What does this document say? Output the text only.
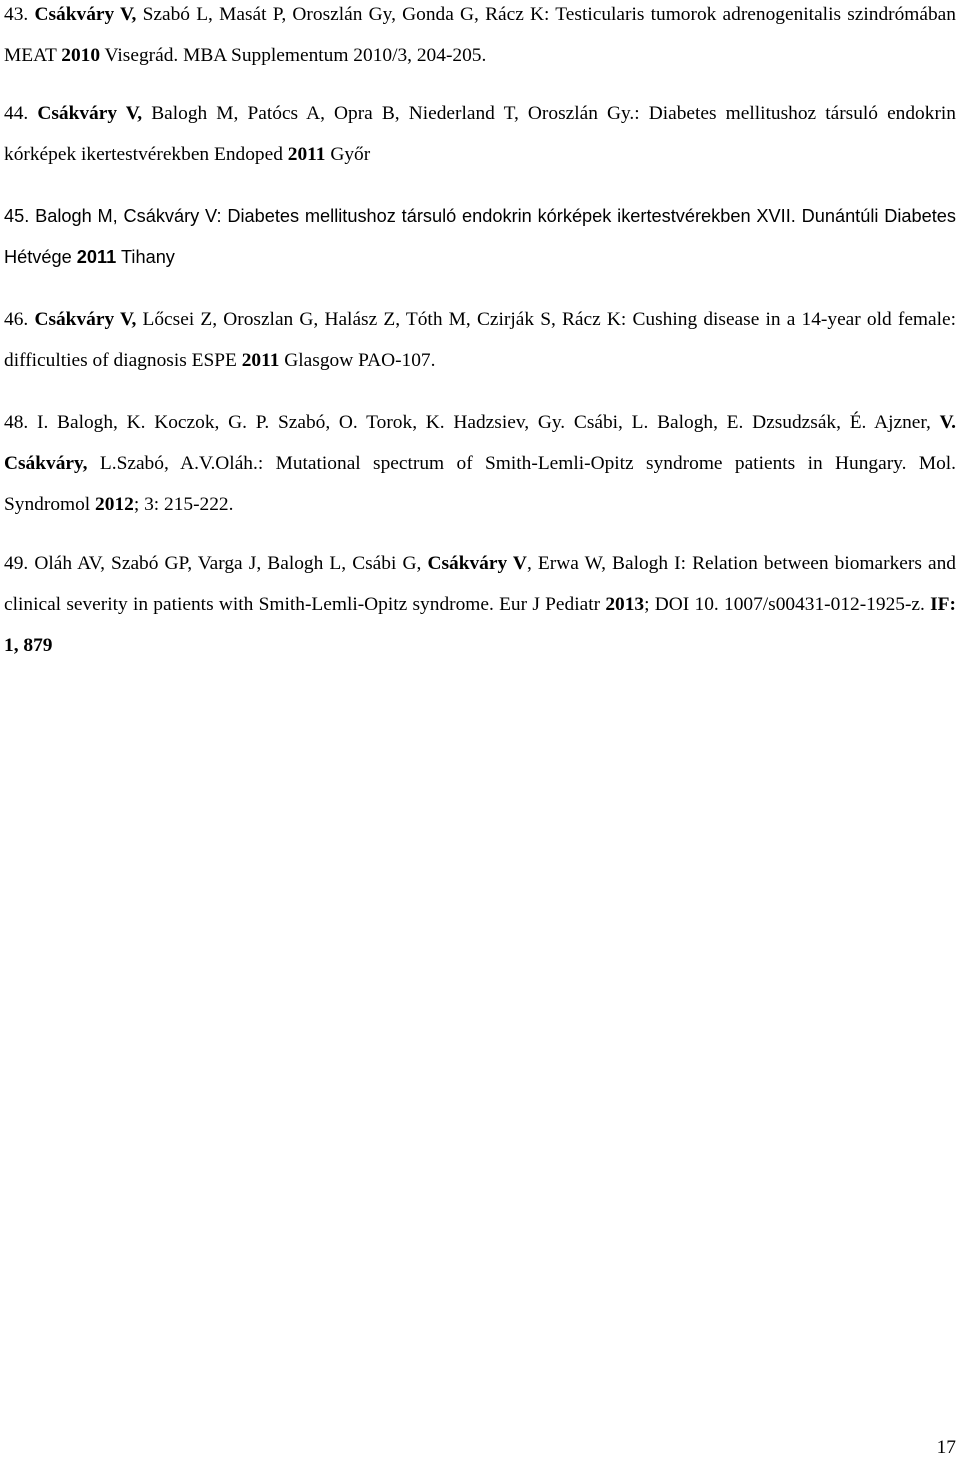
43. Csákváry V, Szabó L, Masát P, Oroszlán Gy, Gonda G, Rácz K: Testicularis tumorok adrenogenitalis szindrómában MEAT 2010 Visegrád. MBA Supplementum 2010/3, 204-205.

44. Csákváry V, Balogh M, Patócs A, Opra B, Niederland T, Oroszlán Gy.: Diabetes mellitushoz társuló endokrin kórképek ikertestvérekben Endoped 2011 Győr

45. Balogh M, Csákváry V: Diabetes mellitushoz társuló endokrin kórképek ikertestvérekben XVII. Dunántúli Diabetes Hétvége 2011 Tihany

46. Csákváry V, Lőcsei Z, Oroszlan G, Halász Z, Tóth M, Czirják S, Rácz K: Cushing disease in a 14-year old female: difficulties of diagnosis ESPE 2011 Glasgow PAO-107.

48. I. Balogh, K. Koczok, G. P. Szabó, O. Torok, K. Hadzsiev, Gy. Csábi, L. Balogh, E. Dzsudzsák, É. Ajzner, V. Csákváry, L.Szabó, A.V.Oláh.: Mutational spectrum of Smith-Lemli-Opitz syndrome patients in Hungary. Mol. Syndromol 2012; 3: 215-222.

49. Oláh AV, Szabó GP, Varga J, Balogh L, Csábi G, Csákváry V, Erwa W, Balogh I: Relation between biomarkers and clinical severity in patients with Smith-Lemli-Opitz syndrome. Eur J Pediatr 2013; DOI 10. 1007/s00431-012-1925-z. IF: 1, 879

17
